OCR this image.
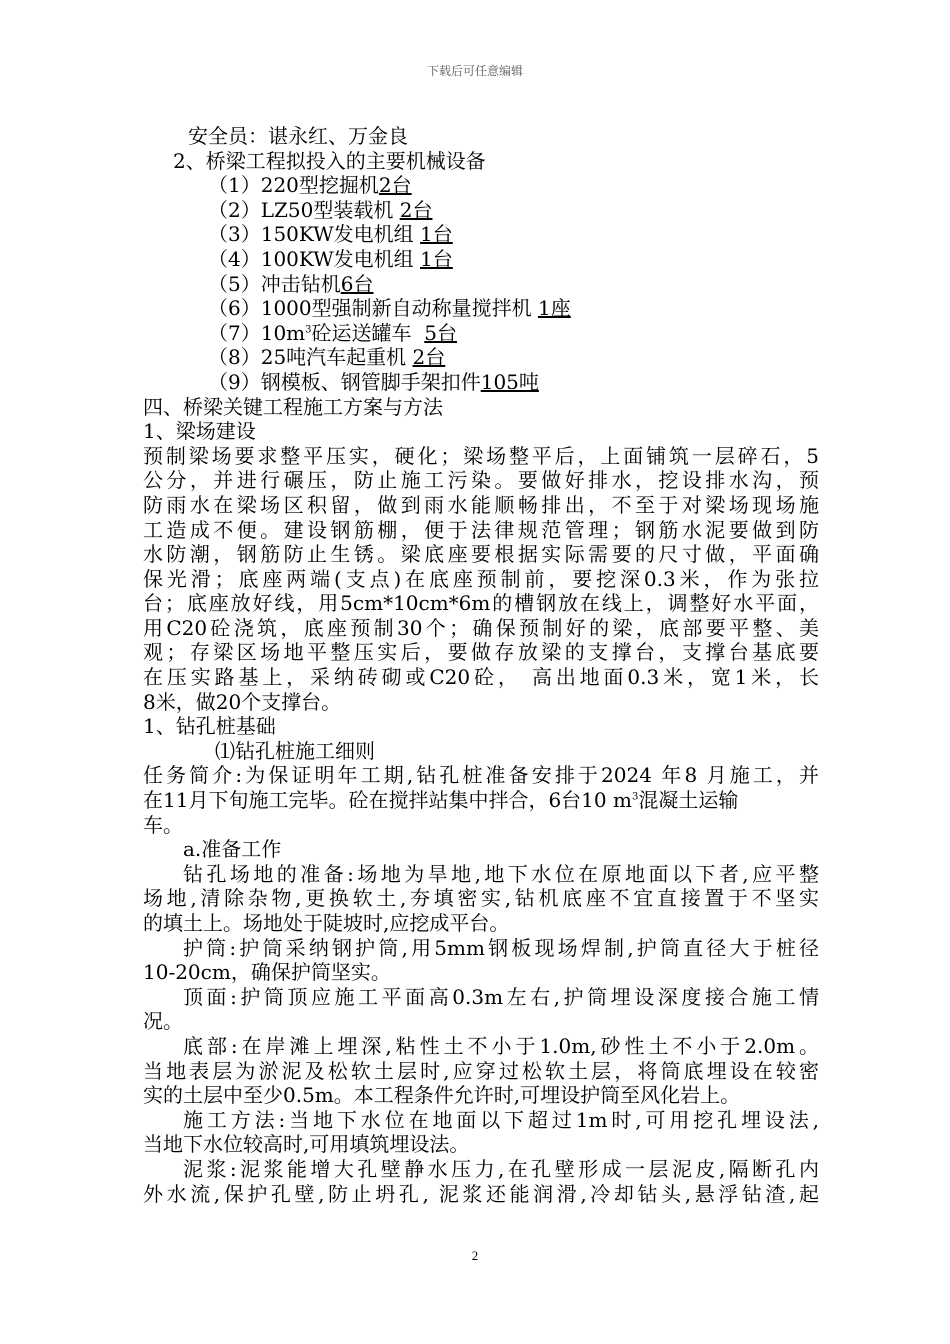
下载后可任意编辑
安全员：谌永红、万金良
2、桥梁工程拟投入的主要机械设备
（1）220型挖掘机2台
（2）LZ50型装载机 2台
（3）150KW发电机组 1台
（4）100KW发电机组 1台
（5）冲击钻机6台
（6）1000型强制新自动称量搅拌机 1座
$(7)10m^3$砼运送罐车  5台
（8）25吨汽车起重机 2台
（9）钢模板、钢管脚手架扣件105吨
四、桥梁关键工程施工方案与方法
1、梁场建设
预制梁场要求整平压实，硬化；梁场整平后，上面铺筑一层碎石，5
公分，并进行碾压，防止施工污染。要做好排水，挖设排水沟，预
防雨水在梁场区积留，做到雨水能顺畅排出，不至于对梁场现场施
工造成不便。建设钢筋棚，便于法律规范管理；钢筋水泥要做到防
水防潮，钢筋防止生锈。梁底座要根据实际需要的尺寸做，平面确
保光滑；底座两端(支点)在底座预制前，要挖深0.3米，作为张拉
台；底座放好线，用5cm*10cm*6m的槽钢放在线上，调整好水平面，
用C20砼浇筑，底座预制30个；确保预制好的梁，底部要平整、美
观；存梁区场地平整压实后，要做存放梁的支撑台，支撑台基底要
在压实路基上，采纳砖砌或C20砼， 高出地面0.3米，宽1米，长
8米，做20个支撑台。
1、钻孔桩基础
⑴钻孔桩施工细则
任务简介:为保证明年工期,钻孔桩准备安排于2024 年8 月施工，并
在11月下旬施工完毕。砼在搅拌站集中拌合，6台10 $m^3$混凝土运输
车。
a.准备工作
钻孔场地的准备:场地为旱地,地下水位在原地面以下者,应平整
场地,清除杂物,更换软土,夯填密实,钻机底座不宜直接置于不坚实
的填土上。场地处于陡坡时,应挖成平台。
护筒:护筒采纳钢护筒,用5mm钢板现场焊制,护筒直径大于桩径
10-20cm，确保护筒坚实。
顶面:护筒顶应施工平面高0.3m左右,护筒埋设深度接合施工情
况。
底部:在岸滩上埋深,粘性土不小于1.0m,砂性土不小于2.0m。
当地表层为淤泥及松软土层时,应穿过松软土层，将筒底埋设在较密
实的土层中至少0.5m。本工程条件允许时,可埋设护筒至风化岩上。
施工方法:当地下水位在地面以下超过1m时,可用挖孔埋设法,
当地下水位较高时,可用填筑埋设法。
泥浆:泥浆能增大孔壁静水压力,在孔壁形成一层泥皮,隔断孔内
外水流,保护孔壁,防止坍孔, 泥浆还能润滑,冷却钻头,悬浮钻渣,起
2
